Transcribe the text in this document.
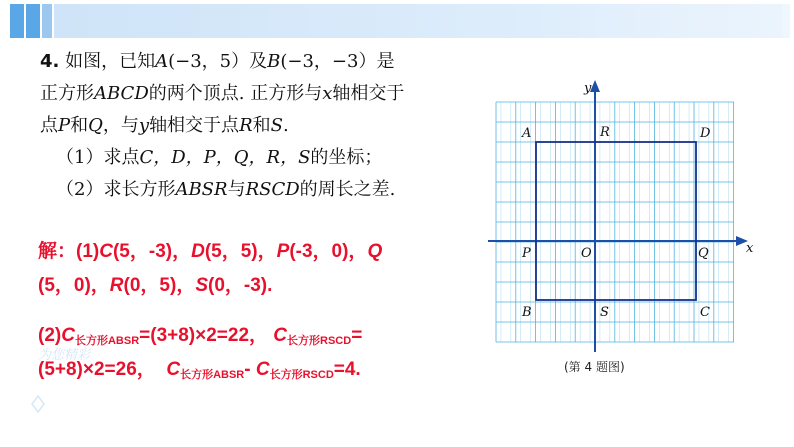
4. 如图，已知A(−3，5）及B(−3，−3）是
正方形ABCD的两个顶点. 正方形与x轴相交于
点P和Q，与y轴相交于点R和S.
（1）求点C，D，P，Q，R，S的坐标；
（2）求长方形ABSR与RSCD的周长之差.
解：(1)C(5，-3)，D(5，5)，P(-3，0)，Q
(5，0)，R(0，5)，S(0，-3).
$(2)C_{长方形ABSR}=(3+8)\times 2=22$， $C_{长方形RSCD}=$
(5+8)×2=26， $C_{长方形ABSR}-$ $C_{长方形RSCD}=4$.
为您精彩
x
y
A	R	D
P	O	Q
B	S	C
(第 4 题图)
